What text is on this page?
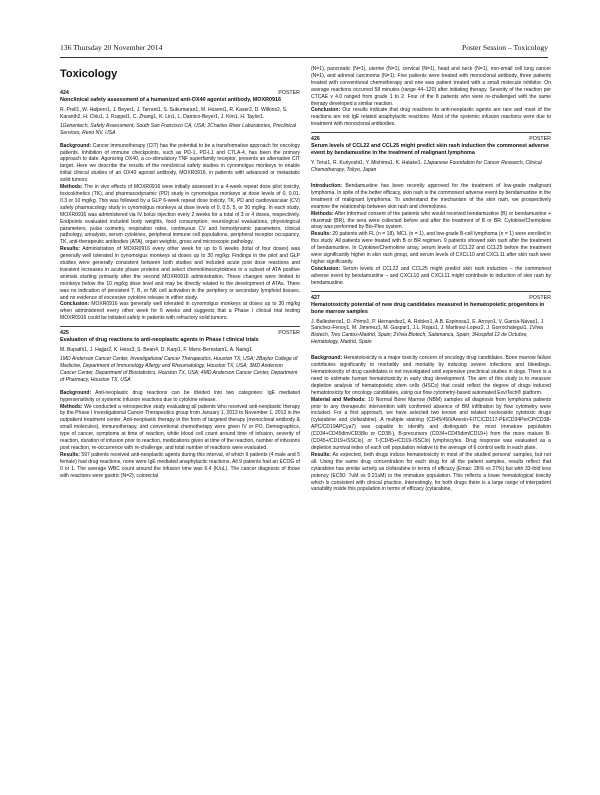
136 Thursday 20 November 2014	Poster Session – Toxicology
Toxicology
424	POSTER
Nonclinical safety assessment of a humanized anti-OX40 agonist antibody, MOXR0916
R. Prell1, W. Halpern1, J. Beyer1, J. Tarrant1, S. Sukumaran1, M. Huseni1, R. Kaser2, D. Wilkins2, S. Karanth2, H. Chiu1, J. Ruppel1, C. Zhang1, K. Lin1, L. Damico-Beyer1, J. Kim1, H. Taylor1.
1Genentech, Safety Assessment, South San Francisco CA, USA; 2Charles River Laboratories, Preclinical Services, Reno NV, USA

Background: Cancer immunotherapy (CIT) has the potential to be a transformative approach for oncology patients. Inhibition of immune checkpoints, such as PD-1, PD-L1 and CTLA-4, has been the primary approach to date. Agonizing OX40, a co-stimulatory TNF superfamily receptor, presents an alternative CIT target. Here we describe the results of the nonclinical safety studies in cynomolgus monkeys to enable initial clinical studies of an OX40 agonist antibody, MOXR0916, in patients with advanced or metastatic solid tumors.

Methods: The in vivo effects of MOXR0916 were initially assessed in a 4-week repeat dose pilot toxicity, toxicokinetics (TK), and pharmacodynamic (PD) study in cynomolgus monkeys at dose levels of 0, 0.01, 0.3 or 10 mg/kg. This was followed by a GLP 6-week repeat dose toxicity, TK, PD and cardiovascular (CV) safety pharmacology study in cynomolgus monkeys at dose levels of 0, 0.5, 5, or 30 mg/kg. In each study, MOXR0916 was administered via IV bolus injection every 2 weeks for a total of 3 or 4 doses, respectively. Endpoints evaluated included body weights, food consumption, neurological evaluations, physiological parameters, pulse oximetry, respiration rates, continuous CV and hemodynamic parameters, clinical pathology, urinalysis, serum cytokines, peripheral immune cell populations, peripheral receptor occupancy, TK, anti-therapeutic antibodies (ATA), organ weights, gross and microscopic pathology.

Results: Administration of MOXR0916 every other week for up to 6 weeks (total of four doses) was generally well tolerated in cynomolgus monkeys at doses up to 30 mg/kg. Findings in the pilot and GLP studies were generally consistent between both studies and included acute post dose reactions and transient increases in acute phase proteins and select chemokines/cytokines in a subset of ATA positive animals starting primarily after the second MOXR0916 administration. These changes were limited to monkeys below the 10 mg/kg dose level and may be directly related to the development of ATAs. There was no indication of persistent T, B, or NK cell activation in the periphery or secondary lymphoid tissues, and no evidence of excessive cytokine release in either study.

Conclusion: MOXR0916 was generally well tolerated in cynomolgus monkeys at doses up to 30 mg/kg when administered every other week for 6 weeks and suggests that a Phase I clinical trial testing MOXR0916 could be initiated safely in patients with refractory solid tumors.

425	POSTER
Evaluation of drug reactions to anti-neoplastic agents in Phase I clinical trials
M. Bupathi1, J. Hajjar2, K. Hess3, S. Bean4, D. Karp1, F. Meric-Bernstam1, A. Naing1.
1MD Anderson Cancer Center, Investigational Cancer Therapeutics, Houston TX, USA; 2Baylor College of Medicine, Department of Immunology Allergy and Rheumatology, Houston TX, USA; 3MD Anderson Cancer Center, Department of Biostatistics, Houston TX, USA; 4MD Anderson Cancer Center, Department of Pharmacy, Houston TX, USA

Background: Anti-neoplastic drug reactions can be divided into two categories: IgE mediated hypersensitivity or systemic infusion reactions due to cytokine release.

Methods: We conducted a retrospective study evaluating all patients who received anti-neoplastic therapy by the Phase I Investigational Cancer Therapeutics group from January 1, 2013 to November 1, 2013 in the outpatient treatment center. Anti-neoplastic therapy in the form of targeted therapy (monoclonal antibody & small molecules), immunotherapy, and conventional chemotherapy were given IV or PO. Demographics, type of cancer, symptoms at time of reaction, white blood cell count around time of infusion, severity of reaction, duration of infusion prior to reaction, medications given at time of the reaction, number of infusions post reaction, re-occurrence with re-challenge, and total number of reactions were evaluated.

Results: 597 patients received anti-neoplastic agents during this interval, of which 9 patients (4 male and 5 female) had drug reactions, none were IgE mediated anaphylactic reactions. All 9 patients had an ECOG of 0 or 1. The average WBC count around the infusion time was 6.4 (K/uL). The cancer diagnosis of those with reactions were gastric (N=2), colorectal

(N=1), pancreatic (N=1), uterine (N=1), cervical (N=1), head and neck (N=1), non-small cell lung cancer (N=1), and adrenal carcinoma (N=1). Five patients were treated with monoclonal antibody, three patients treated with conventional chemotherapy and one was patient treated with a small molecule inhibitor. On average reactions occurred 58 minutes (range 44–120) after initiating therapy. Severity of the reaction per CTCAE v 4.0 ranged from grade 1 to 2. Four of the 8 patients who were re-challenged with the same therapy developed a similar reaction.

Conclusion: Our results indicate that drug reactions to anti-neoplastic agents are rare and most of the reactions are not IgE related anaphylactic reactions. Most of the systemic infusion reactions were due to treatment with monoclonal antibodies.

426	POSTER
Serum levels of CCL22 and CCL25 might predict skin rash induction the commonest adverse event by bendamustine in the treatment of malignant lymphoma
Y. Terui1, R. Kuriyoshi1, Y. Mishima1, K. Hatake1. 1Japanese Foundation for Cancer Research, Clinical Chemotherapy, Tokyo, Japan

Introduction: Bendamustine has been recently approved for the treatment of low-grade malignant lymphoma. In spite of the better efficacy, skin rash is the commonest adverse event by bendamustine in the treatment of malignant lymphoma. To understand the mechanism of the skin rash, we prospectively examine the relationship between skin rash and chemokines.

Methods: After informed consent of the patients who would received bendamustine (B) or bendamustine + rituximab (BR), the sera were collected before and after the treatment of B or BR. Cytokine/Chemokine array was performed by Bio-Plex system.

Results: 20 patients with FL (n = 18), MCL (n = 1), and low-grade B-cell lymphoma (n = 1) were enrolled in this study. All patients were treated with B or BR regimen. 9 patients showed skin rash after the treatment of bendamustine. In Cytokine/Chemokine array, serum levels of CCL22 and CCL25 before the treatment were significantly higher in skin rash group, and serum levels of CXCL10 and CXCL11 after skin rash were higher significantly.

Conclusion: Serum levels of CCL22 and CCL25 might predict skin rash induction – the commonest adverse event by bendamustine – and CXCL10 and CXCL11 might contribute to induction of skin rash by bendamustine.

427	POSTER
Hematotoxicity potential of new drug candidates measured in hematopoietic progenitors in bone marrow samples
J. Ballesteros1, D. Primo1, P. Hernandez1, A. Robles1, A.B. Espinosa1, E. Arroyo1, V. Garcia-Navas1, J. Sanchez-Fenoy1, M. Jimenez1, M. Gaspar1, J.L. Rojas1, J. Martinez-Lopez2, J. Gorrochategui1. 1Vivia Biotech, Tres Cantos-Madrid, Spain; 2Vivia Biotech, Salamanca, Spain; 3Hospital 12 de Octubre, Hematology, Madrid, Spain

Background: Hematotoxicity is a major toxicity concern of oncology drug candidates. Bone marrow failure contributes significantly to morbidity and mortality by inducing severe infections and bleedings. Hematotoxicity of drug candidates is not investigated until expensive preclinical studies in dogs. There is a need to estimate human hematotoxicity in early drug development. The aim of this study is to measure depletion analysis of hematopoietic stem cells (HSCs) that could reflect the degree of drugs induced hematotoxicity for oncology candidates, using our flow cytometry-based automated ExviTech® platform.

Material and Methods: 10 Normal Bone Marrow (NBM) samples all diagnosis from lymphoma patients prior to any therapeutic intervention with confirmed absence of BM infiltration by flow cytometry were included. For a first approach, we have selected two known and related nucleoside cytotoxic drugs (cytarabine and clofarabine). A multiple staining (CD45/450/Anexin-FITC/CD117-PE/CD34PerCP/CD38-APC/CD19APCya7) was capable to identify and distinguish the most immature population (CD34+CD45dim/CD38lo or CD38-), B-precursors (CD34+CD45dim/CD19+) from the more mature B-(CD45+/CD19+/SSClo), or T-(CD45+/CD19-/SSClo) lymphocytes. Drug response was evaluated as a depletion survival index of each cell population relative to the average of 6 control wells in each plate.

Results: As expected, both drugs induce hematotoxicity in most of the studied persons' samples, but not all. Using the same drug concentration for each drug for all the patient samples, results reflect that cytarabine has similar activity as clofarabine in terms of efficacy (Emax: 28% vs 27%) but with 33-fold less potency (EC50: 7uM vs 0.21uM) in the immature population. This reflects a lower hematological toxicity which is consistent with clinical practice. Interestingly, for both drugs there is a large range of interpatient variability inside this population in terms of efficacy (cytarabine,
